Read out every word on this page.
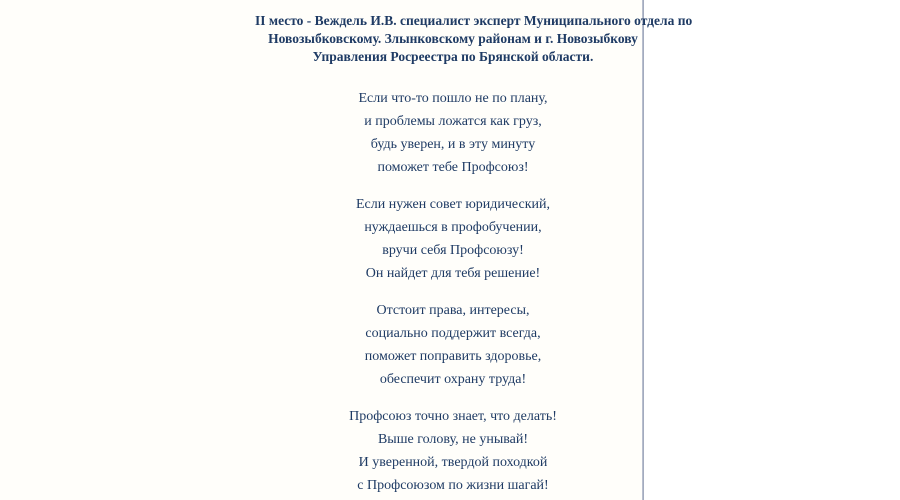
II место - Веждель И.В. специалист эксперт Муниципального отдела по
Новозыбковскому. Злынковскому районам и г. Новозыбкову
Управления Росреестра по Брянской области.
Если что-то пошло не по плану,
и проблемы ложатся как груз,
будь уверен, и в эту минуту
поможет тебе Профсоюз!
Если нужен совет юридический,
нуждаешься в профобучении,
вручи себя Профсоюзу!
Он найдет для тебя решение!
Отстоит права, интересы,
социально поддержит всегда,
поможет поправить здоровье,
обеспечит охрану труда!
Профсоюз точно знает, что делать!
Выше голову, не унывай!
И уверенной, твердой походкой
с Профсоюзом по жизни шагай!
